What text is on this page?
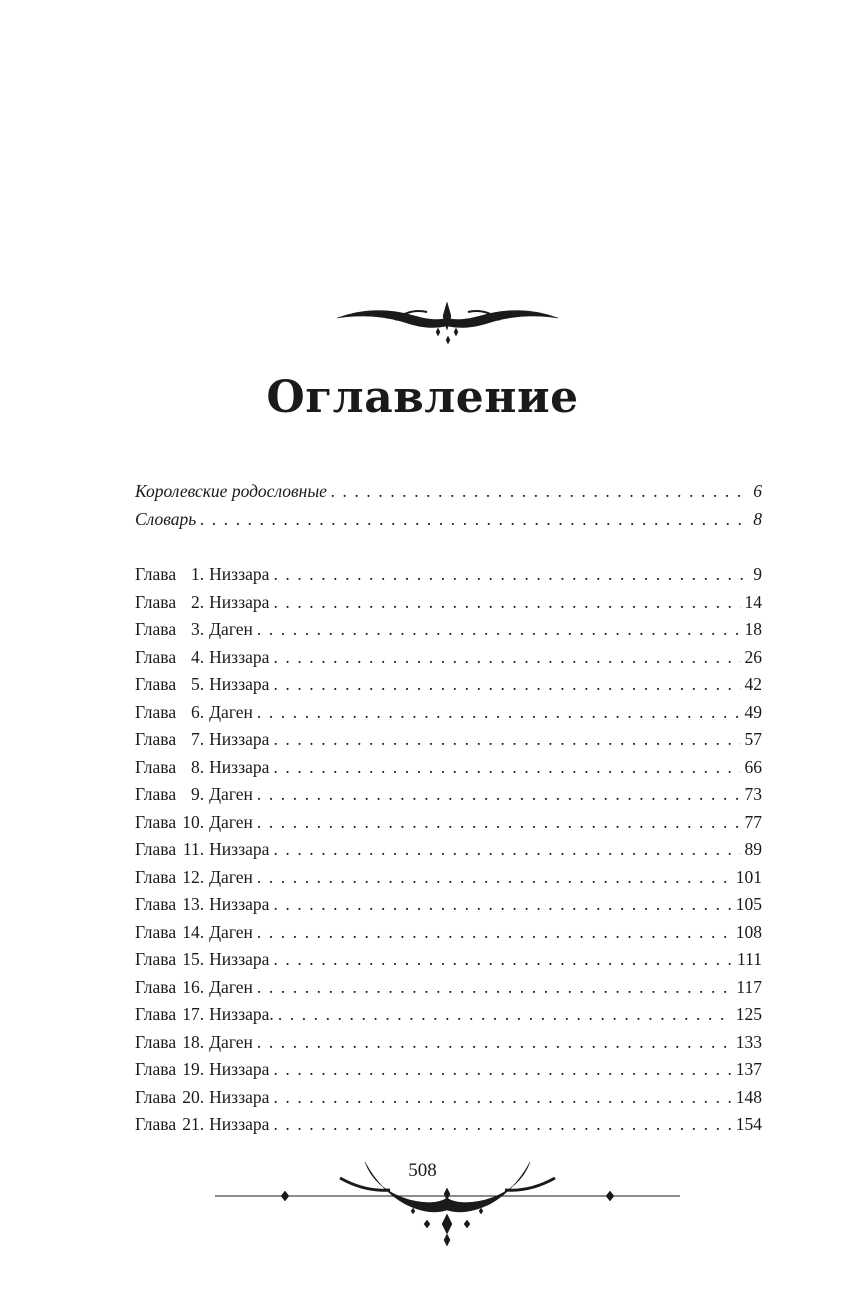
Оглавление
Королевские родословные . . .	6
Словарь . . .	8
Глава 1. Низзара . . .	9
Глава 2. Низзара . . .	14
Глава 3. Даген . . .	18
Глава 4. Низзара . . .	26
Глава 5. Низзара . . .	42
Глава 6. Даген . . .	49
Глава 7. Низзара . . .	57
Глава 8. Низзара . . .	66
Глава 9. Даген . . .	73
Глава 10. Даген . . .	77
Глава 11. Низзара . . .	89
Глава 12. Даген . . .	101
Глава 13. Низзара . . .	105
Глава 14. Даген . . .	108
Глава 15. Низзара . . .	111
Глава 16. Даген . . .	117
Глава 17. Низзара. . . .	125
Глава 18. Даген . . .	133
Глава 19. Низзара . . .	137
Глава 20. Низзара . . .	148
Глава 21. Низзара . . .	154
508
